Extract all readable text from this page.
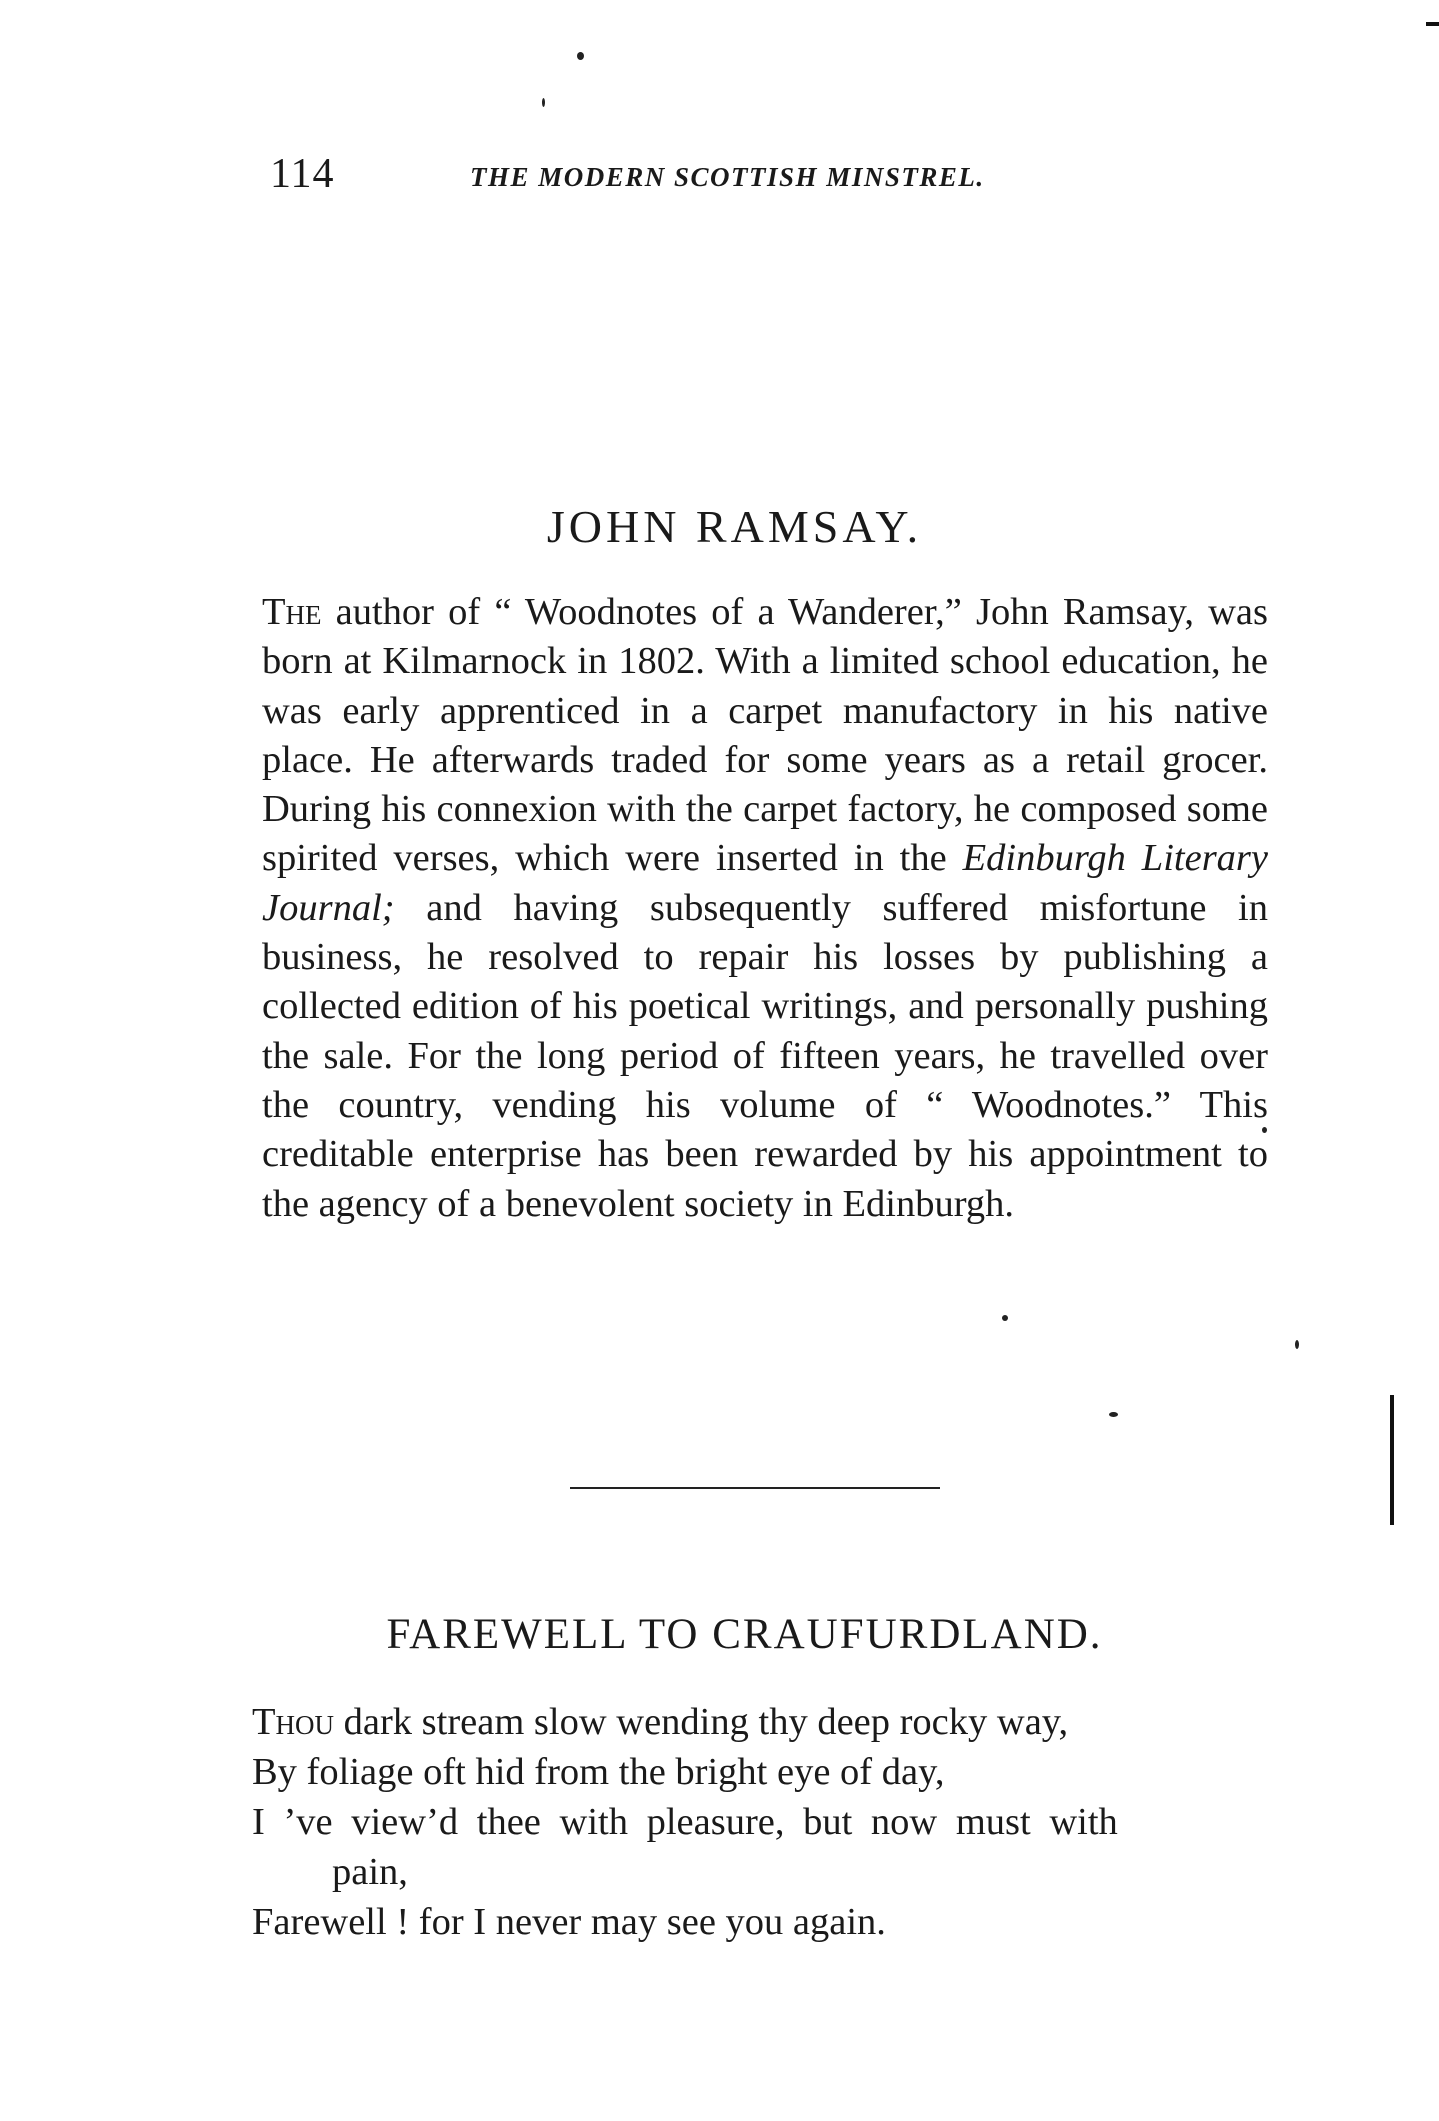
114	THE MODERN SCOTTISH MINSTREL.
JOHN RAMSAY.

The author of “ Woodnotes of a Wanderer,” John Ramsay, was born at Kilmarnock in 1802. With a limited school education, he was early apprenticed in a carpet manufactory in his native place. He afterwards traded for some years as a retail grocer. During his connexion with the carpet factory, he composed some spirited verses, which were inserted in the Edinburgh Literary Journal; and having subsequently suffered misfortune in business, he resolved to repair his losses by publishing a collected edition of his poetical writings, and personally pushing the sale. For the long period of fifteen years, he travelled over the country, vending his volume of “ Woodnotes.” This creditable enterprise has been rewarded by his appointment to the agency of a benevolent society in Edinburgh.

FAREWELL TO CRAUFURDLAND.
Thou dark stream slow wending thy deep rocky way,
By foliage oft hid from the bright eye of day,
I ’ve view’d thee with pleasure, but now must with
pain,
Farewell ! for I never may see you again.
